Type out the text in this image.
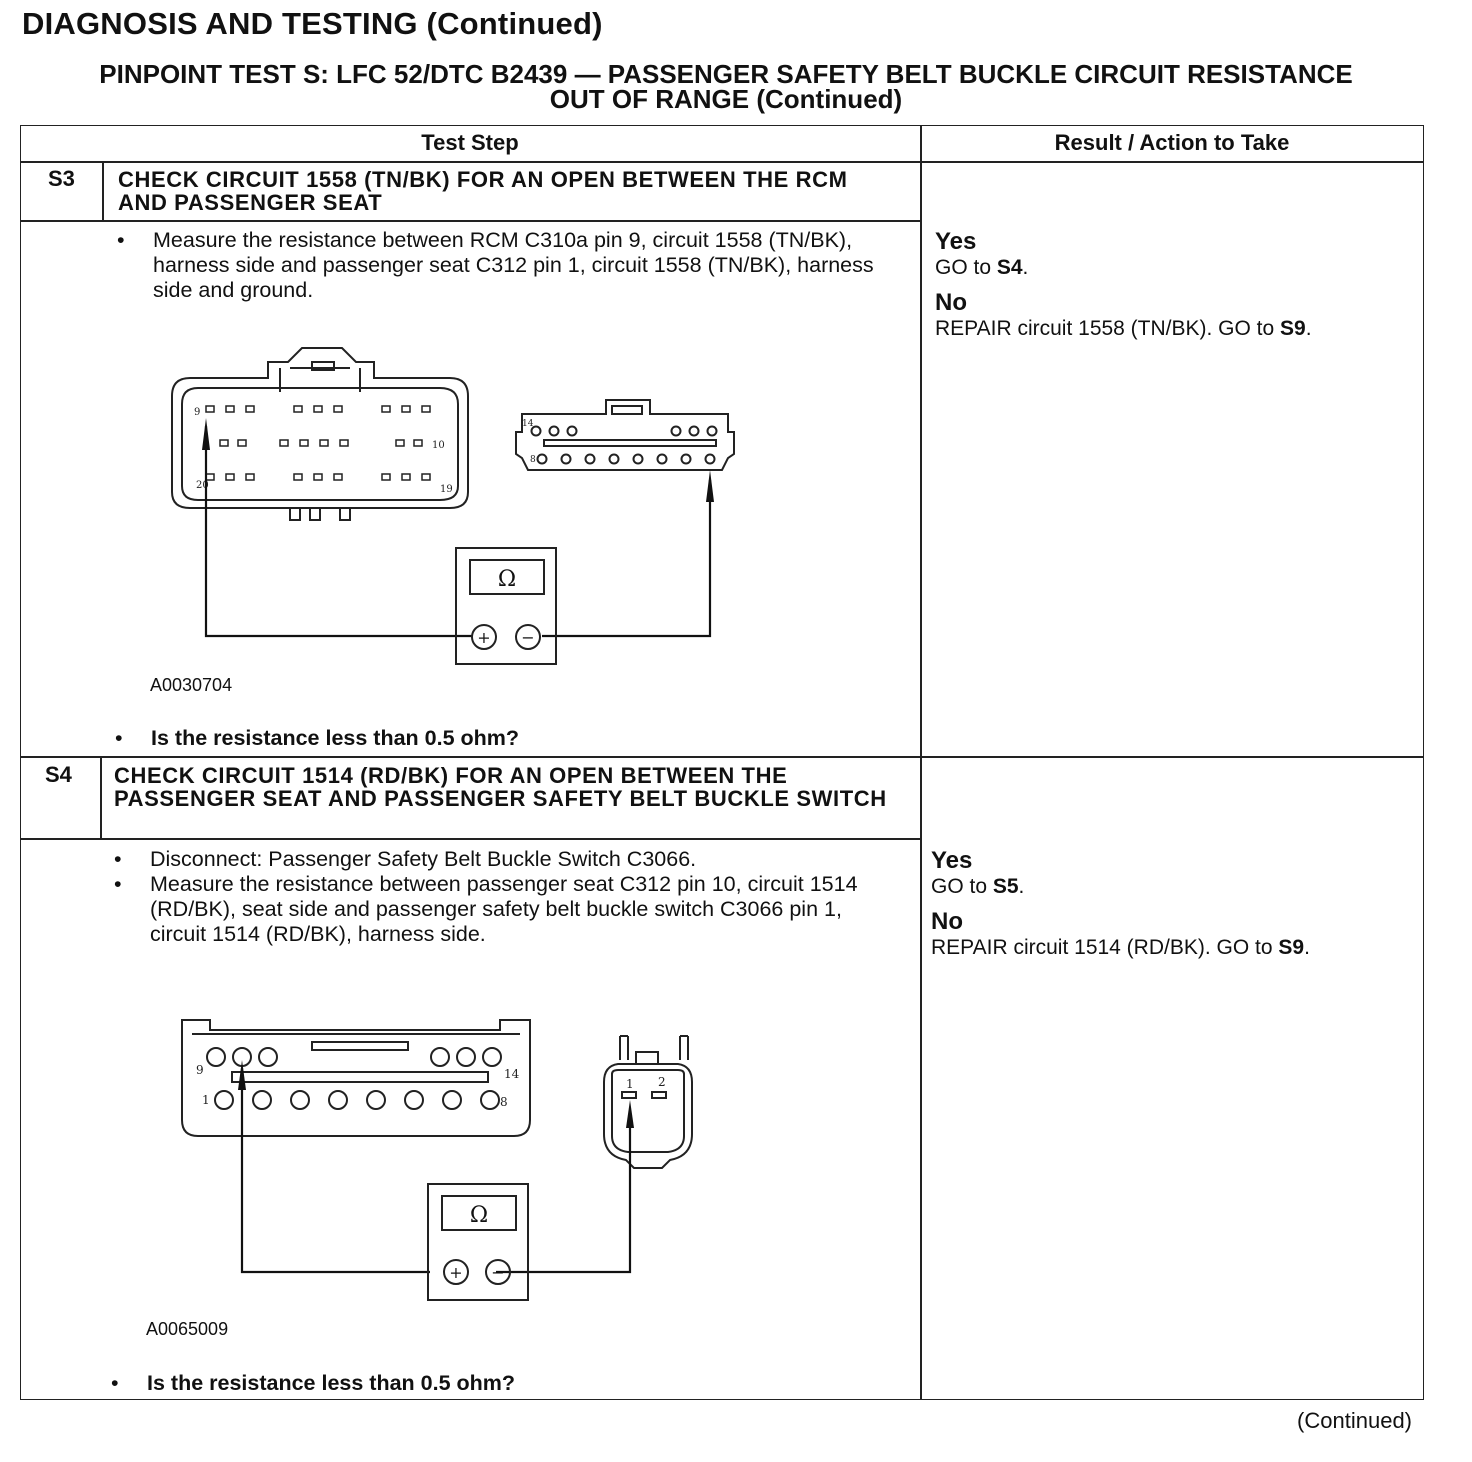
DIAGNOSIS AND TESTING (Continued)
PINPOINT TEST S: LFC 52/DTC B2439 — PASSENGER SAFETY BELT BUCKLE CIRCUIT RESISTANCE
OUT OF RANGE (Continued)
Test Step	Result / Action to Take
S3 CHECK CIRCUIT 1558 (TN/BK) FOR AN OPEN BETWEEN THE RCM AND PASSENGER SEAT
• Measure the resistance between RCM C310a pin 9, circuit 1558 (TN/BK), harness side and passenger seat C312 pin 1, circuit 1558 (TN/BK), harness side and ground.
9
10
20	19
14
8
Ω
+ −
A0030704
• Is the resistance less than 0.5 ohm?
Yes
GO to S4.
No
REPAIR circuit 1558 (TN/BK). GO to S9.
S4 CHECK CIRCUIT 1514 (RD/BK) FOR AN OPEN BETWEEN THE PASSENGER SEAT AND PASSENGER SAFETY BELT BUCKLE SWITCH
• Disconnect: Passenger Safety Belt Buckle Switch C3066.
• Measure the resistance between passenger seat C312 pin 10, circuit 1514 (RD/BK), seat side and passenger safety belt buckle switch C3066 pin 1, circuit 1514 (RD/BK), harness side.
9	14
1	8
1 2
Ω
+ −
A0065009
• Is the resistance less than 0.5 ohm?
Yes
GO to S5.
No
REPAIR circuit 1514 (RD/BK). GO to S9.
(Continued)
